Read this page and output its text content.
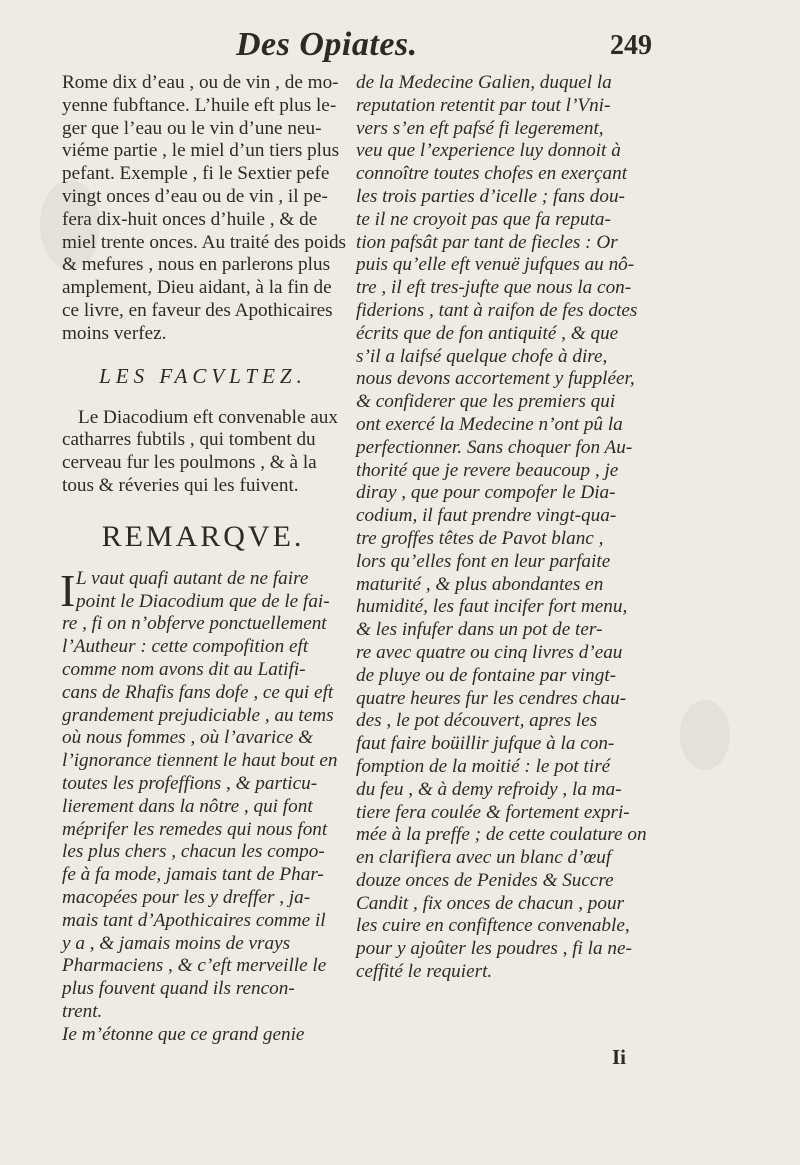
Des Opiates.	249
Rome dix d’eau , ou de vin , de mo-
yenne fubftance. L’huile eft plus le-
ger que l’eau ou le vin d’une neu-
viéme partie , le miel d’un tiers plus
pefant. Exemple , fi le Sextier pefe
vingt onces d’eau ou de vin , il pe-
fera dix-huit onces d’huile , & de
miel trente onces. Au traité des poids
& mefures , nous en parlerons plus
amplement, Dieu aidant, à la fin de
ce livre, en faveur des Apothicaires
moins verfez.
LES FACVLTEZ.
Le Diacodium eft convenable aux
catharres fubtils , qui tombent du
cerveau fur les poulmons , & à la
tous & réveries qui les fuivent.
REMARQVE.
I L vaut quafi autant de ne faire
point le Diacodium que de le fai-
re , fi on n’obferve ponctuellement
l’Autheur : cette compofition eft
comme nom avons dit au Latifi-
cans de Rhafis fans dofe , ce qui eft
grandement prejudiciable , au tems
où nous fommes , où l’avarice &
l’ignorance tiennent le haut bout en
toutes les profeffions , & particu-
lierement dans la nôtre , qui font
méprifer les remedes qui nous font
les plus chers , chacun les compo-
fe à fa mode, jamais tant de Phar-
macopées pour les y dreffer , ja-
mais tant d’Apothicaires comme il
y a , & jamais moins de vrays
Pharmaciens , & c’eft merveille le
plus fouvent quand ils rencon-
trent.
Ie m’étonne que ce grand genie
de la Medecine Galien, duquel la
reputation retentit par tout l’Vni-
vers s’en eft pafsé fi legerement,
veu que l’experience luy donnoit à
connoître toutes chofes en exerçant
les trois parties d’icelle ; fans dou-
te il ne croyoit pas que fa reputa-
tion pafsât par tant de fiecles : Or
puis qu’elle eft venuë jufques au nô-
tre , il eft tres-jufte que nous la con-
fiderions , tant à raifon de fes doctes
écrits que de fon antiquité , & que
s’il a laifsé quelque chofe à dire,
nous devons accortement y fuppléer,
& confiderer que les premiers qui
ont exercé la Medecine n’ont pû la
perfectionner. Sans choquer fon Au-
thorité que je revere beaucoup , je
diray , que pour compofer le Dia-
codium, il faut prendre vingt-qua-
tre groffes têtes de Pavot blanc ,
lors qu’elles font en leur parfaite
maturité , & plus abondantes en
humidité, les faut incifer fort menu,
& les infufer dans un pot de ter-
re avec quatre ou cinq livres d’eau
de pluye ou de fontaine par vingt-
quatre heures fur les cendres chau-
des , le pot découvert, apres les
faut faire boüillir jufque à la con-
fomption de la moitié : le pot tiré
du feu , & à demy refroidy , la ma-
tiere fera coulée & fortement expri-
mée à la preffe ; de cette coulature on
en clarifiera avec un blanc d’œuf
douze onces de Penides & Succre
Candit , fix onces de chacun , pour
les cuire en confiftence convenable,
pour y ajoûter les poudres , fi la ne-
ceffité le requiert.
Ii
